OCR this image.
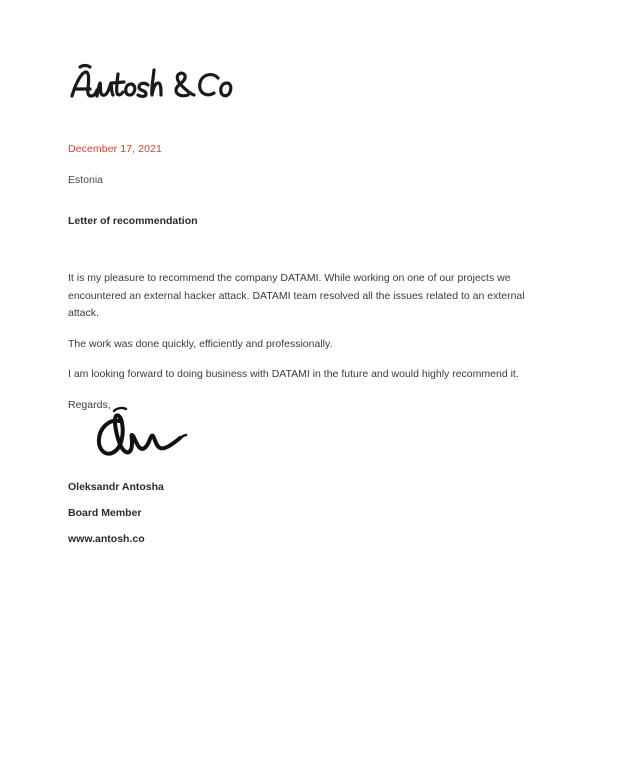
December 17, 2021

Estonia

Letter of recommendation

It is my pleasure to recommend the company DATAMI. While working on one of our projects we encountered an external hacker attack. DATAMI team resolved all the issues related to an external attack.

The work was done quickly, efficiently and professionally.

I am looking forward to doing business with DATAMI in the future and would highly recommend it.

Regards,
Oleksandr Antosha
Board Member
www.antosh.co
